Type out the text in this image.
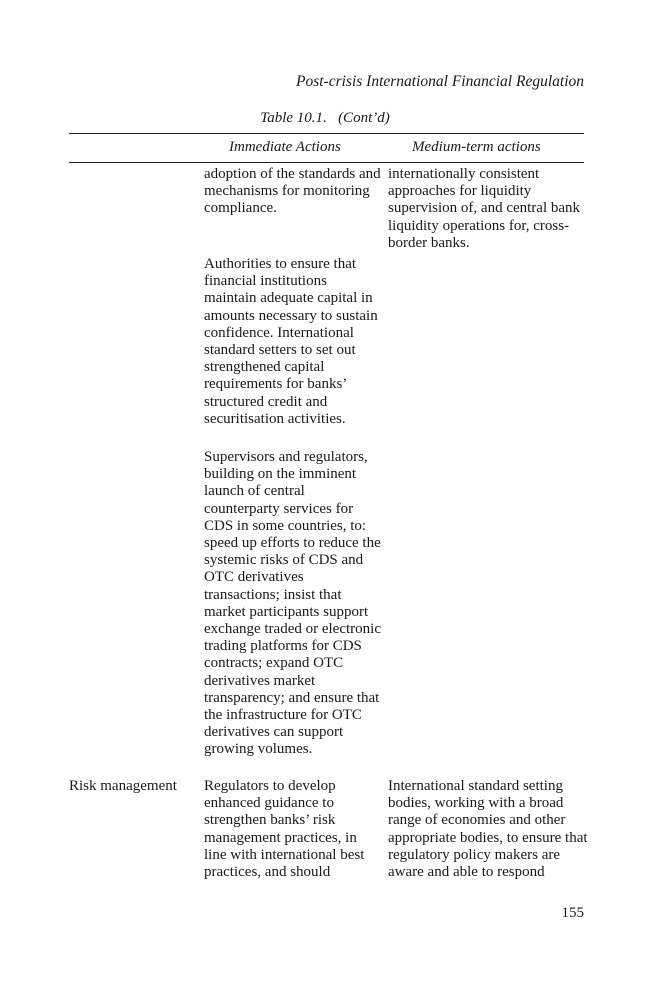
Post-crisis International Financial Regulation
Table 10.1. (Cont’d)
Immediate Actions	Medium-term actions

adoption of the standards and mechanisms for monitoring compliance.

internationally consistent approaches for liquidity supervision of, and central bank liquidity operations for, cross-border banks.

Authorities to ensure that financial institutions maintain adequate capital in amounts necessary to sustain confidence. International standard setters to set out strengthened capital requirements for banks’ structured credit and securitisation activities.

Supervisors and regulators, building on the imminent launch of central counterparty services for CDS in some countries, to: speed up efforts to reduce the systemic risks of CDS and OTC derivatives transactions; insist that market participants support exchange traded or electronic trading platforms for CDS contracts; expand OTC derivatives market transparency; and ensure that the infrastructure for OTC derivatives can support growing volumes.

Risk management	Regulators to develop enhanced guidance to strengthen banks’ risk management practices, in line with international best practices, and should

International standard setting bodies, working with a broad range of economies and other appropriate bodies, to ensure that regulatory policy makers are aware and able to respond

155
